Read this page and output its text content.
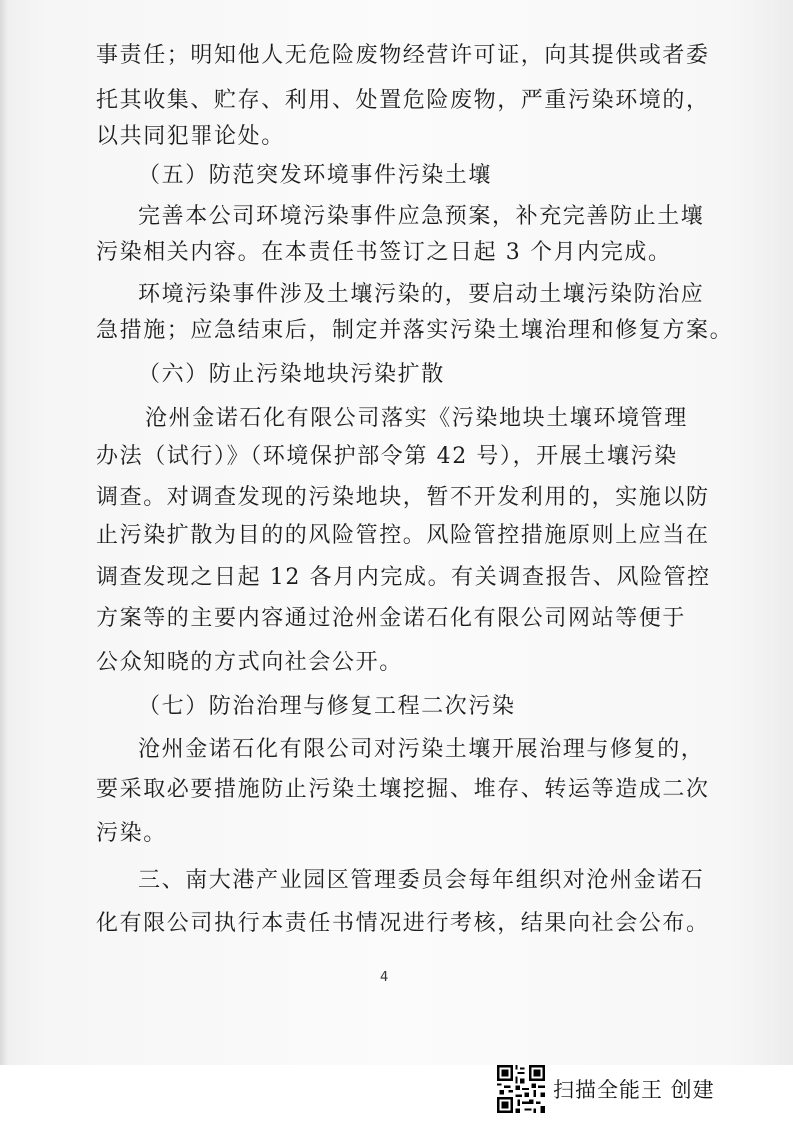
事责任；明知他人无危险废物经营许可证，向其提供或者委
托其收集、贮存、利用、处置危险废物，严重污染环境的，
以共同犯罪论处。
（五）防范突发环境事件污染土壤
完善本公司环境污染事件应急预案，补充完善防止土壤
污染相关内容。在本责任书签订之日起 3 个月内完成。
环境污染事件涉及土壤污染的，要启动土壤污染防治应
急措施；应急结束后，制定并落实污染土壤治理和修复方案。
（六）防止污染地块污染扩散
沧州金诺石化有限公司落实《污染地块土壤环境管理
办法（试行）》（环境保护部令第 42 号），开展土壤污染
调查。对调查发现的污染地块，暂不开发利用的，实施以防
止污染扩散为目的的风险管控。风险管控措施原则上应当在
调查发现之日起 12 各月内完成。有关调查报告、风险管控
方案等的主要内容通过沧州金诺石化有限公司网站等便于
公众知晓的方式向社会公开。
（七）防治治理与修复工程二次污染
沧州金诺石化有限公司对污染土壤开展治理与修复的，
要采取必要措施防止污染土壤挖掘、堆存、转运等造成二次
污染。
三、南大港产业园区管理委员会每年组织对沧州金诺石
化有限公司执行本责任书情况进行考核，结果向社会公布。
4
扫描全能王 创建
